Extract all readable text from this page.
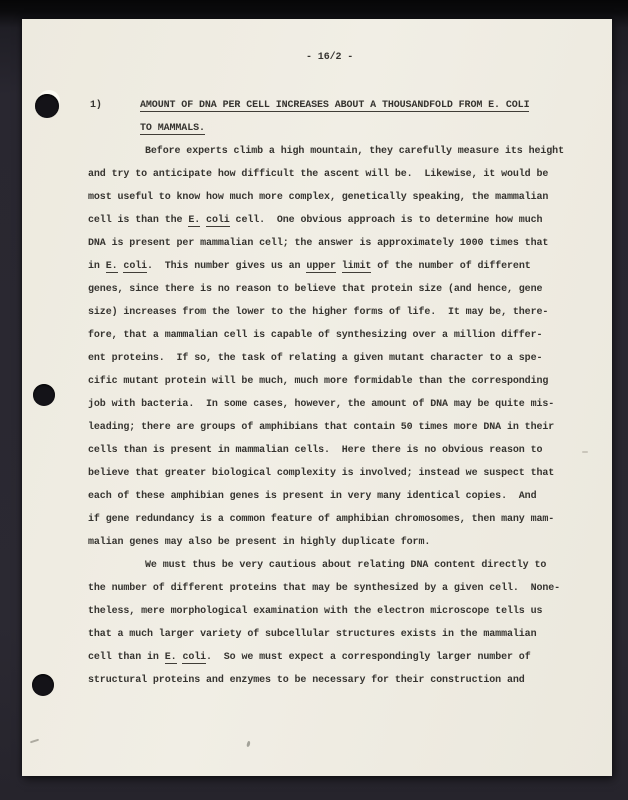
- 16/2 -
1)	AMOUNT OF DNA PER CELL INCREASES ABOUT A THOUSANDFOLD FROM E. COLI
TO MAMMALS.
Before experts climb a high mountain, they carefully measure its height
and try to anticipate how difficult the ascent will be.  Likewise, it would be
most useful to know how much more complex, genetically speaking, the mammalian
cell is than the E. coli cell.  One obvious approach is to determine how much
DNA is present per mammalian cell; the answer is approximately 1000 times that
in E. coli.  This number gives us an upper limit of the number of different
genes, since there is no reason to believe that protein size (and hence, gene
size) increases from the lower to the higher forms of life.  It may be, there-
fore, that a mammalian cell is capable of synthesizing over a million differ-
ent proteins.  If so, the task of relating a given mutant character to a spe-
cific mutant protein will be much, much more formidable than the corresponding
job with bacteria.  In some cases, however, the amount of DNA may be quite mis-
leading; there are groups of amphibians that contain 50 times more DNA in their
cells than is present in mammalian cells.  Here there is no obvious reason to
believe that greater biological complexity is involved; instead we suspect that
each of these amphibian genes is present in very many identical copies.  And
if gene redundancy is a common feature of amphibian chromosomes, then many mam-
malian genes may also be present in highly duplicate form.
We must thus be very cautious about relating DNA content directly to
the number of different proteins that may be synthesized by a given cell.  None-
theless, mere morphological examination with the electron microscope tells us
that a much larger variety of subcellular structures exists in the mammalian
cell than in E. coli.  So we must expect a correspondingly larger number of
structural proteins and enzymes to be necessary for their construction and
